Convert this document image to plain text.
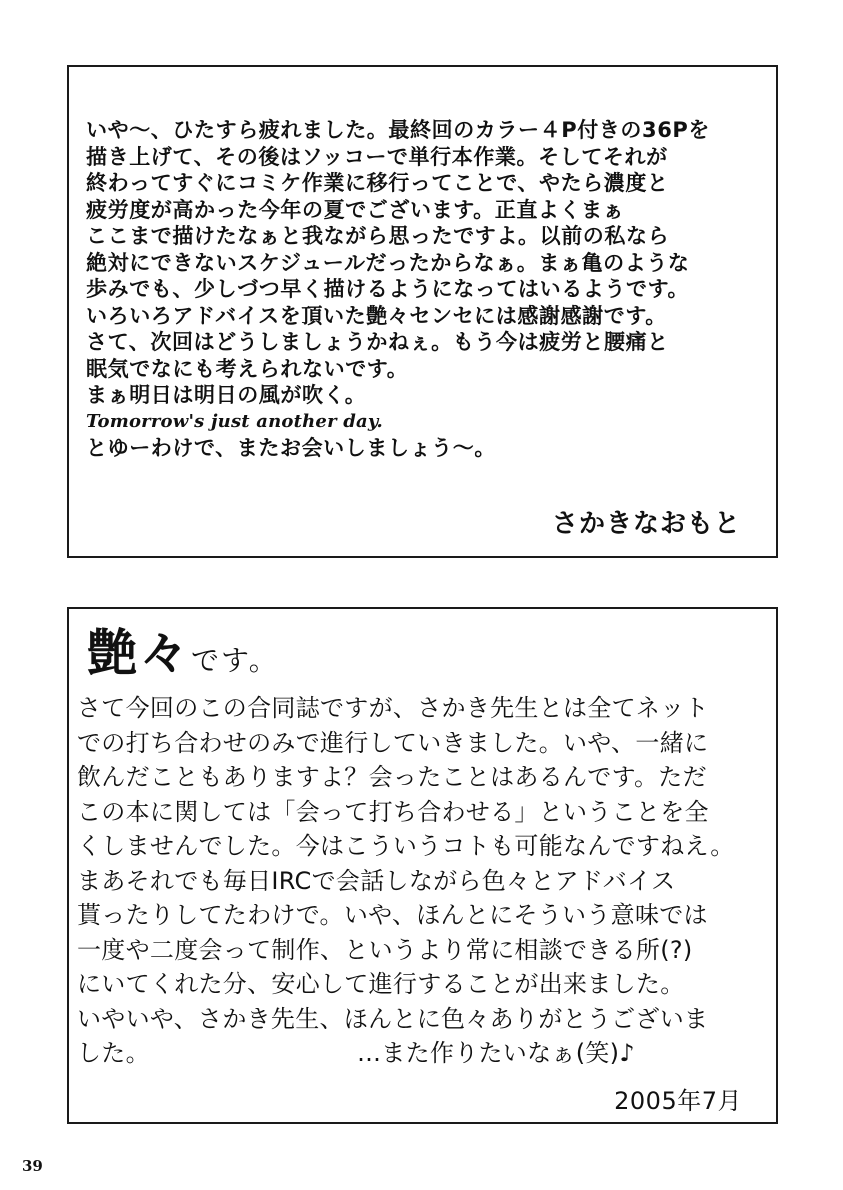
いや～、ひたすら疲れました。最終回のカラー４P付きの36Pを
描き上げて、その後はソッコーで単行本作業。そしてそれが
終わってすぐにコミケ作業に移行ってことで、やたら濃度と
疲労度が高かった今年の夏でございます。正直よくまぁ
ここまで描けたなぁと我ながら思ったですよ。以前の私なら
絶対にできないスケジュールだったからなぁ。まぁ亀のような
歩みでも、少しづつ早く描けるようになってはいるようです。
いろいろアドバイスを頂いた艶々センセには感謝感謝です。
さて、次回はどうしましょうかねぇ。もう今は疲労と腰痛と
眠気でなにも考えられないです。
まぁ明日は明日の風が吹く。
Tomorrow's just another day.
とゆーわけで、またお会いしましょう～。
さかきなおもと
艶々です。
さて今回のこの合同誌ですが、さかき先生とは全てネット
での打ち合わせのみで進行していきました。いや、一緒に
飲んだこともありますよ？会ったことはあるんです。ただ
この本に関しては「会って打ち合わせる」ということを全
くしませんでした。今はこういうコトも可能なんですねえ。
まあそれでも毎日IRCで会話しながら色々とアドバイス
貰ったりしてたわけで。いや、ほんとにそういう意味では
一度や二度会って制作、というより常に相談できる所(?)
にいてくれた分、安心して進行することが出来ました。
いやいや、さかき先生、ほんとに色々ありがとうございま
した。	…また作りたいなぁ(笑)♪
2005年7月
39
